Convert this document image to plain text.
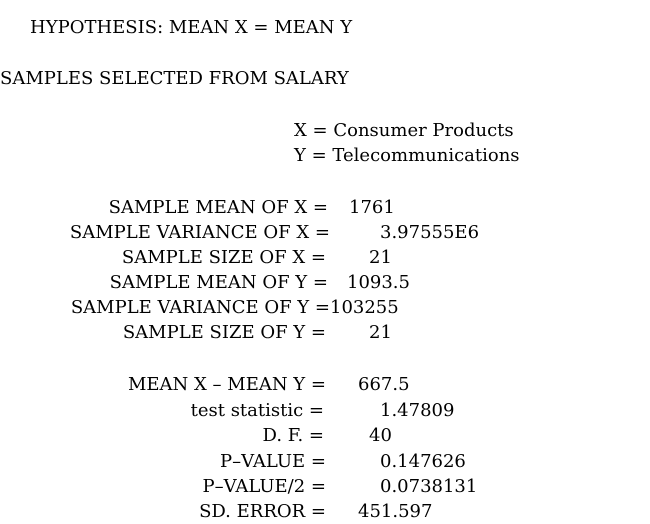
HYPOTHESIS: MEAN X = MEAN Y
SAMPLES SELECTED FROM SALARY
X = Consumer Products
Y = Telecommunications
SAMPLE MEAN OF X = 1761
SAMPLE VARIANCE OF X =	3.97555E6
SAMPLE SIZE OF X = 21
SAMPLE MEAN OF Y = 1093.5
SAMPLE VARIANCE OF Y = 103255
SAMPLE SIZE OF Y = 21
MEAN X – MEAN Y = 667.5
test statistic =	1.47809
D. F. =	40
P–VALUE =	0.147626
P–VALUE/2 =	0.0738131
SD. ERROR = 451.597
